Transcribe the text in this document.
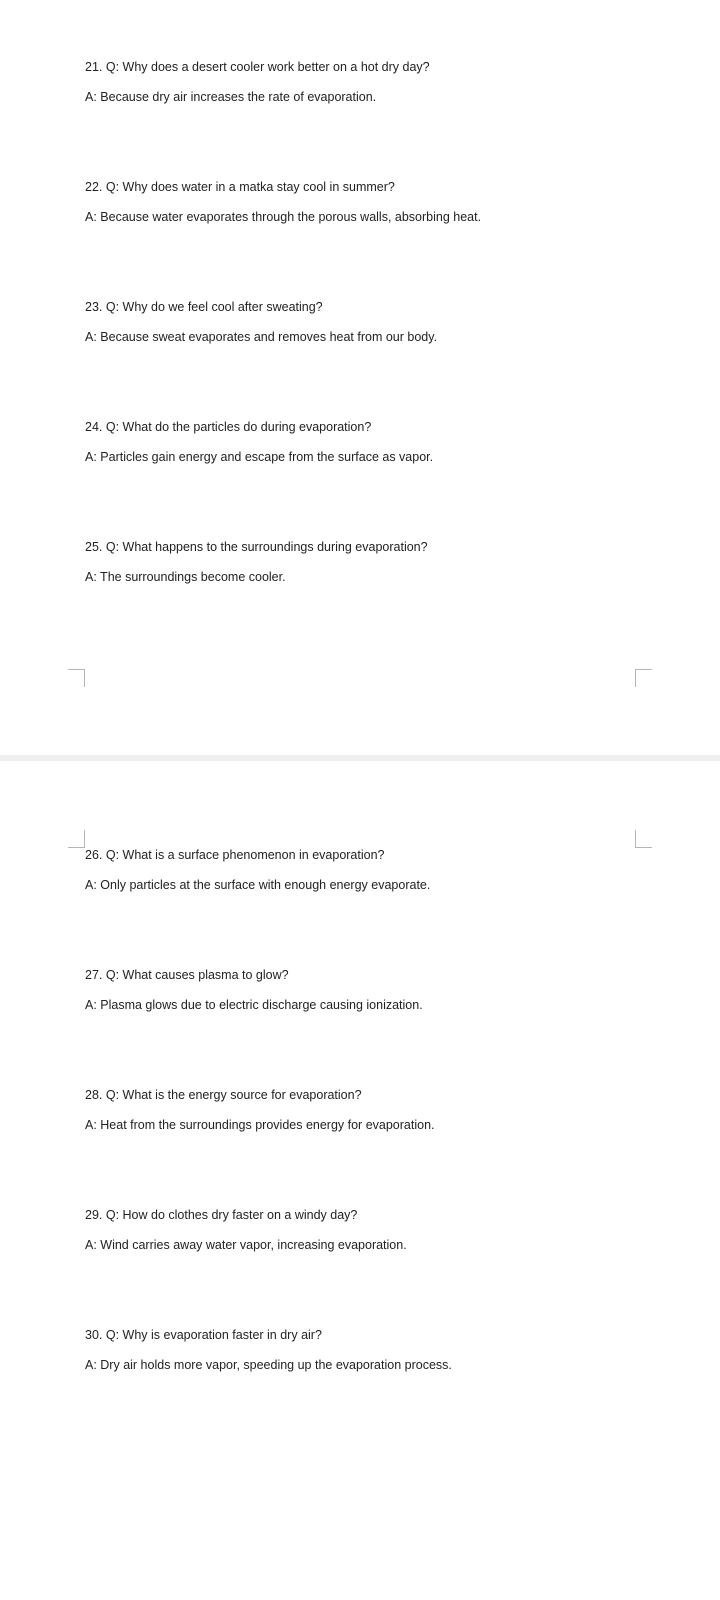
21. Q: Why does a desert cooler work better on a hot dry day?
A: Because dry air increases the rate of evaporation.
22. Q: Why does water in a matka stay cool in summer?
A: Because water evaporates through the porous walls, absorbing heat.
23. Q: Why do we feel cool after sweating?
A: Because sweat evaporates and removes heat from our body.
24. Q: What do the particles do during evaporation?
A: Particles gain energy and escape from the surface as vapor.
25. Q: What happens to the surroundings during evaporation?
A: The surroundings become cooler.
26. Q: What is a surface phenomenon in evaporation?
A: Only particles at the surface with enough energy evaporate.
27. Q: What causes plasma to glow?
A: Plasma glows due to electric discharge causing ionization.
28. Q: What is the energy source for evaporation?
A: Heat from the surroundings provides energy for evaporation.
29. Q: How do clothes dry faster on a windy day?
A: Wind carries away water vapor, increasing evaporation.
30. Q: Why is evaporation faster in dry air?
A: Dry air holds more vapor, speeding up the evaporation process.
